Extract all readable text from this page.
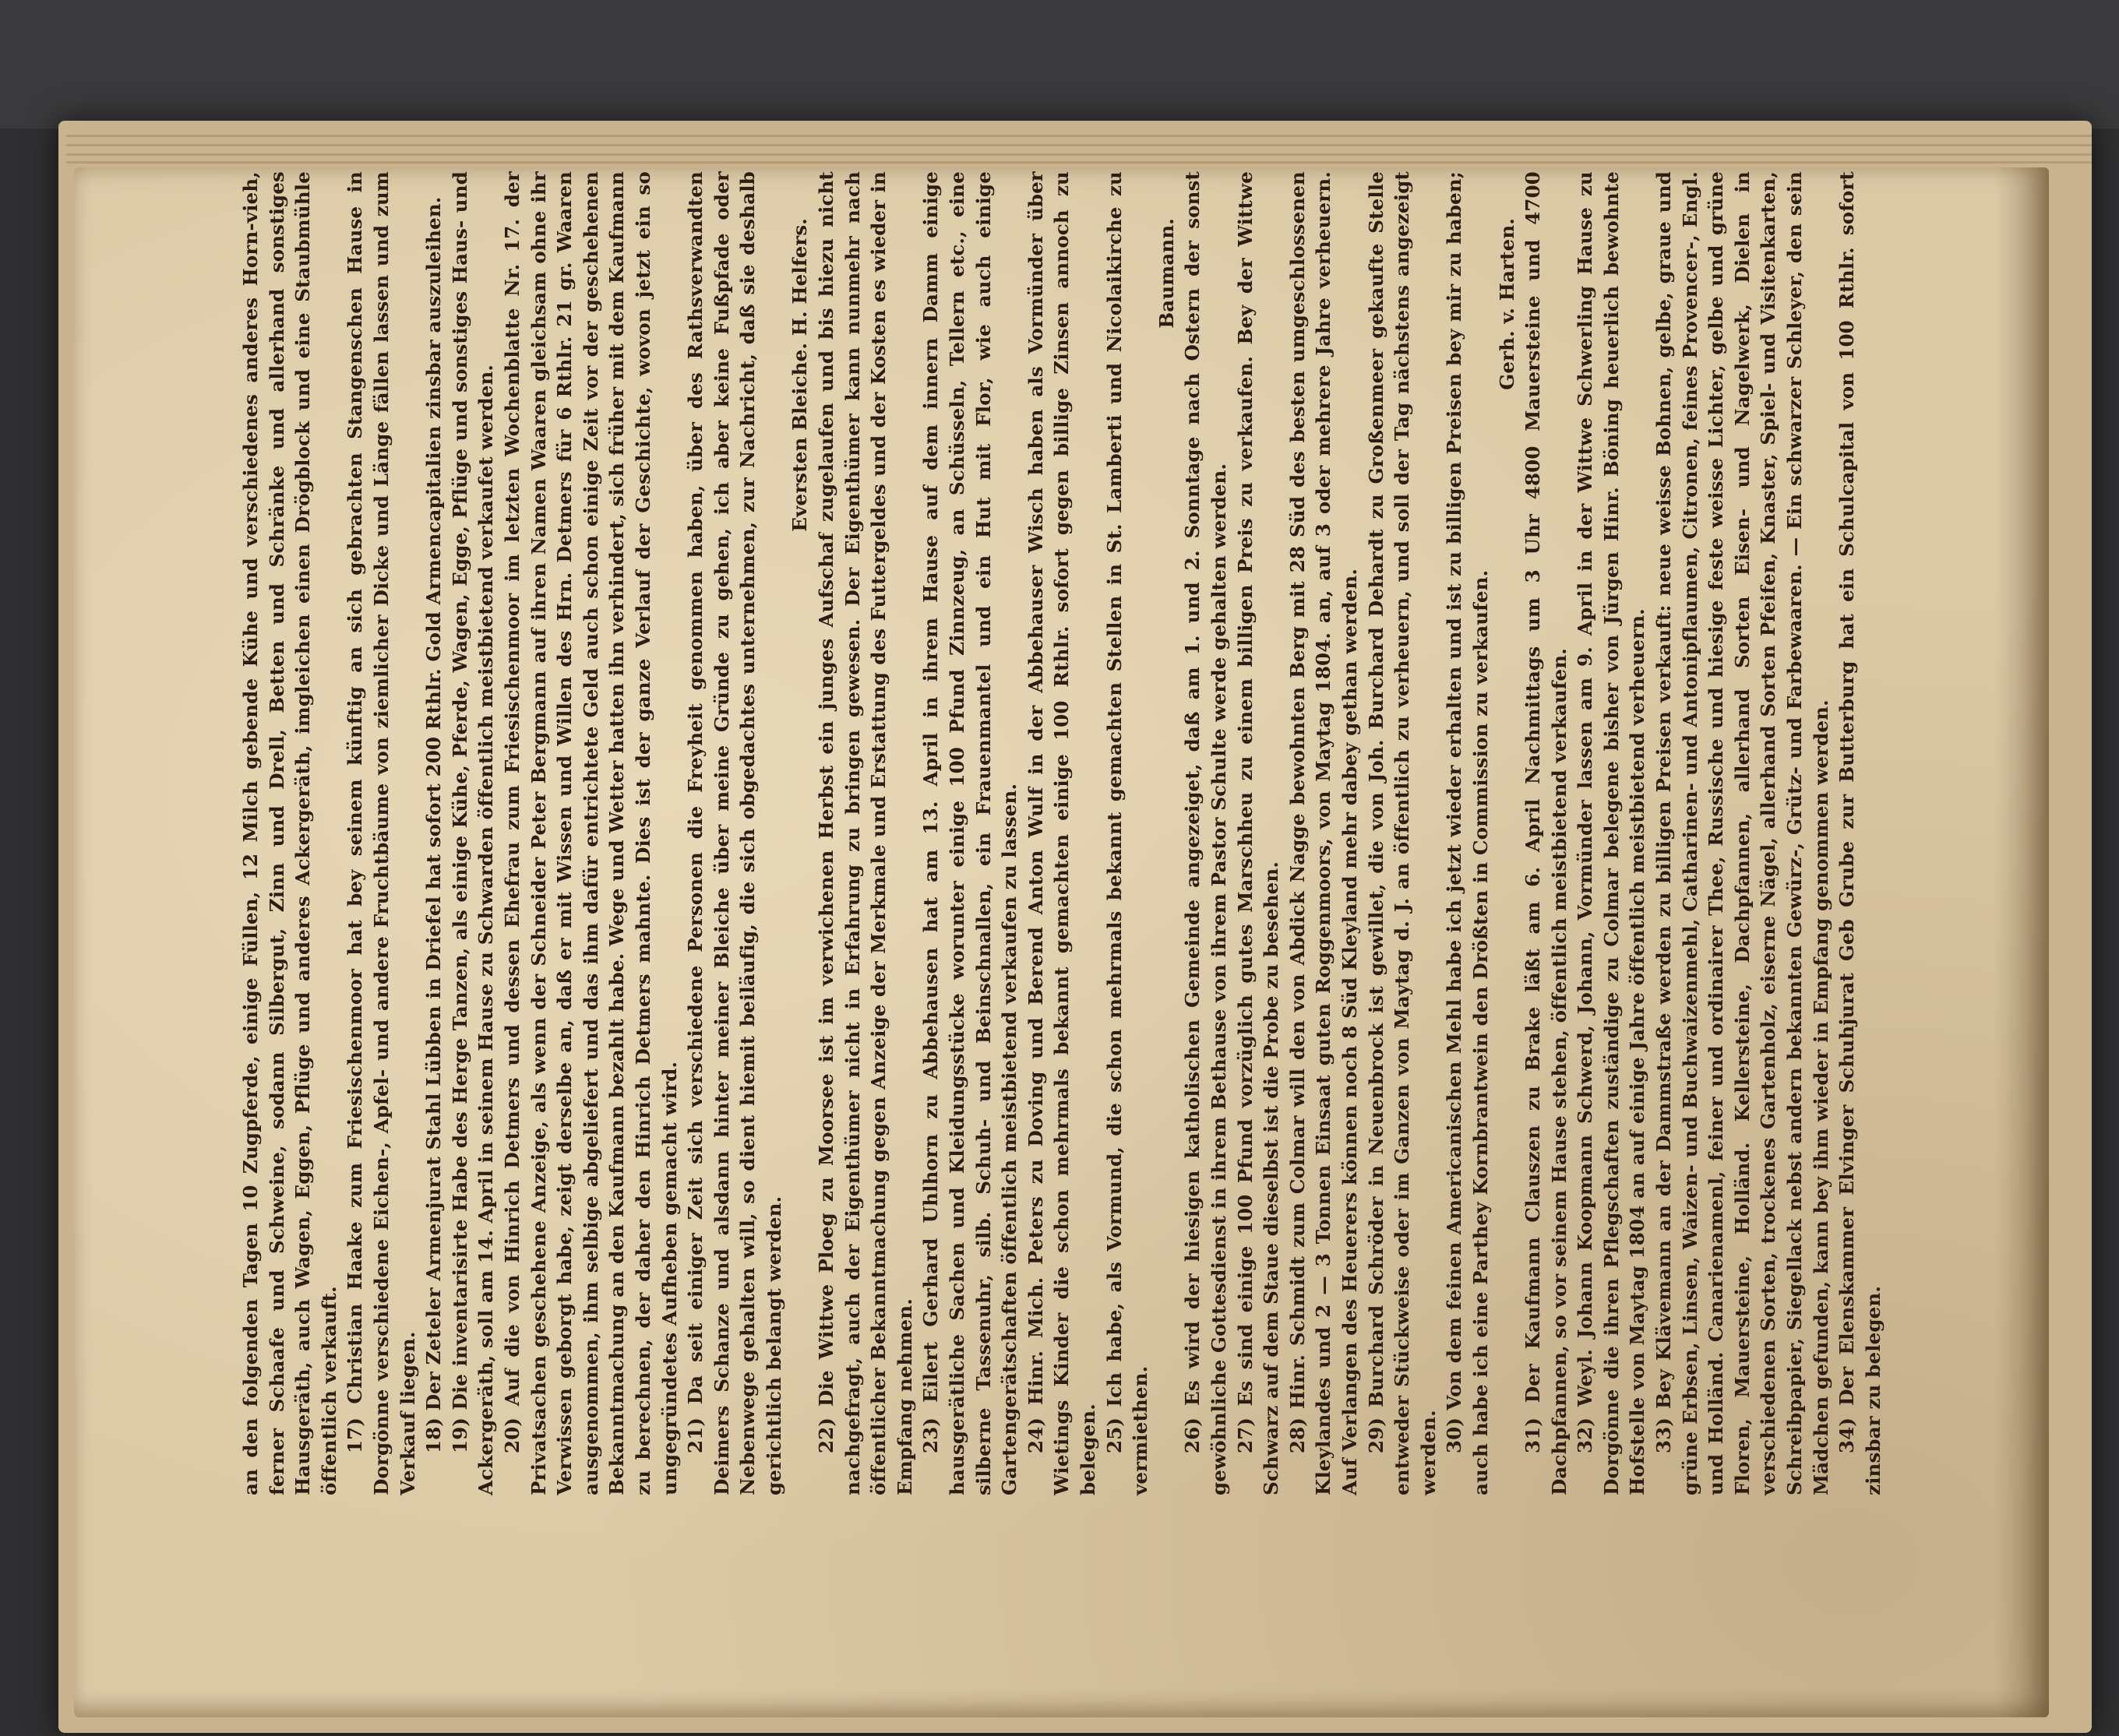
an den folgenden Tagen 10 Zugpferde, einige Füllen, 12 Milch gebende Kühe und verschiedenes anderes Horn-vieh, ferner Schaafe und Schweine, sodann Silbergut, Zinn und Drell, Betten und Schränke und allerhand sonstiges Hausgeräth, auch Wagen, Eggen, Pflüge und anderes Ackergeräth, imgleichen einen Drögblock und eine Staubmühle öffentlich verkauft. 17) Christian Haake zum Friesischenmoor hat bey seinem künftig an sich gebrachten Stangenschen Hause in Dorgönne verschiedene Eichen-, Apfel- und andere Fruchtbäume von ziemlicher Dicke und Länge fällen lassen und zum Verkauf liegen. 18) Der Zeteler Armenjurat Stahl Lübben in Driefel hat sofort 200 Rthlr. Gold Armencapitalien zinsbar auszuleihen. 19) Die inventarisirte Habe des Herge Tanzen, als einige Kühe, Pferde, Wagen, Egge, Pflüge und sonstiges Haus- und Ackergeräth, soll am 14. April in seinem Hause zu Schwarden öffentlich meistbietend verkaufet werden. 20) Auf die von Hinrich Detmers und dessen Ehefrau zum Friesischenmoor im letzten Wochenblatte Nr. 17. der Privatsachen geschehene Anzeige, als wenn der Schneider Peter Bergmann auf ihren Namen Waaren gleichsam ohne ihr Verwissen geborgt habe, zeigt derselbe an, daß er mit Wissen und Willen des Hrn. Detmers für 6 Rthlr. 21 gr. Waaren ausgenommen, ihm selbige abgeliefert und das ihm dafür entrichtete Geld auch schon einige Zeit vor der geschehenen Bekanntmachung an den Kaufmann bezahlt habe. Wege und Wetter hatten ihn verhindert, sich früher mit dem Kaufmann zu berechnen, der daher den Hinrich Detmers mahnte. Dies ist der ganze Verlauf der Geschichte, wovon jetzt ein so ungegründetes Aufheben gemacht wird. 21) Da seit einiger Zeit sich verschiedene Personen die Freyheit genommen haben, über des Rathsverwandten Deimers Schanze und alsdann hinter meiner Bleiche über meine Gründe zu gehen, ich aber keine Fußpfade oder Nebenwege gehalten will, so dient hiemit beiläufig, die sich obgedachtes unternehmen, zur Nachricht, daß sie deshalb gerichtlich belangt werden.

Eversten Bleiche. H. Helfers. 22) Die Wittwe Ploeg zu Moorsee ist im verwichenen Herbst ein junges Aufschaf zugelaufen und bis hiezu nicht nachgefragt, auch der Eigenthümer nicht in Erfahrung zu bringen gewesen. Der Eigenthümer kann nunmehr nach öffentlicher Bekanntmachung gegen Anzeige der Merkmale und Erstattung des Futtergeldes und der Kosten es wieder in Empfang nehmen. 23) Eilert Gerhard Uhlhorn zu Abbehausen hat am 13. April in ihrem Hause auf dem innern Damm einige hausgerätliche Sachen und Kleidungsstücke worunter einige 100 Pfund Zinnzeug, an Schüsseln, Tellern etc., eine silberne Tassenuhr, silb. Schuh- und Beinschnallen, ein Frauenmantel und ein Hut mit Flor, wie auch einige Gartengerätschaften öffentlich meistbietend verkaufen zu lassen. 24) Hinr. Mich. Peters zu Doving und Berend Anton Wulf in der Abbehauser Wisch haben als Vormünder über Wietings Kinder die schon mehrmals bekannt gemachten einige 100 Rthlr. sofort gegen billige Zinsen annoch zu belegen. 25) Ich habe, als Vormund, die schon mehrmals bekannt gemachten Stellen in St. Lamberti und Nicolaikirche zu vermiethen.

Baumann. 26) Es wird der hiesigen katholischen Gemeinde angezeiget, daß am 1. und 2. Sonntage nach Ostern der sonst gewöhnliche Gottesdienst in ihrem Bethause von ihrem Pastor Schulte werde gehalten werden. 27) Es sind einige 100 Pfund vorzüglich gutes Marschheu zu einem billigen Preis zu verkaufen. Bey der Wittwe Schwarz auf dem Staue dieselbst ist die Probe zu besehen. 28) Hinr. Schmidt zum Colmar will den von Abdick Nagge bewohnten Berg mit 28 Süd des besten umgeschlossenen Kleylandes und 2 — 3 Tonnen Einsaat guten Roggenmoors, von Maytag 1804. an, auf 3 oder mehrere Jahre verheuern. Auf Verlangen des Heuerers können noch 8 Süd Kleyland mehr dabey gethan werden. 29) Burchard Schröder in Neuenbrock ist gewillet, die von Joh. Burchard Dehardt zu Großenmeer gekaufte Stelle entweder Stückweise oder im Ganzen von Maytag d. J. an öffentlich zu verheuern, und soll der Tag nächstens angezeigt werden. 30) Von dem feinen Americanischen Mehl habe ich jetzt wieder erhalten und ist zu billigen Preisen bey mir zu haben; auch habe ich eine Parthey Kornbrantwein den Drößten in Commission zu verkaufen.

Gerh. v. Harten. 31) Der Kaufmann Clauszen zu Brake läßt am 6. April Nachmittags um 3 Uhr 4800 Mauersteine und 4700 Dachpfannen, so vor seinem Hause stehen, öffentlich meistbietend verkaufen. 32) Weyl. Johann Koopmann Schwerd, Johann, Vormünder lassen am 9. April in der Wittwe Schwerling Hause zu Dorgönne die ihren Pflegschaften zuständige zu Colmar belegene bisher von Jürgen Hinr. Böning heuerlich bewohnte Hofstelle von Maytag 1804 an auf einige Jahre öffentlich meistbietend verheuern. 33) Bey Klävemann an der Dammstraße werden zu billigen Preisen verkauft: neue weisse Bohnen, gelbe, graue und grüne Erbsen, Linsen, Waizen- und Buchwaizenmehl, Catharinen- und Antonipflaumen, Citronen, feines Provencer-, Engl. und Holländ. Canarienamenl, feiner und ordinairer Thee, Russische und hiesige feste weisse Lichter, gelbe und grüne Floren, Mauersteine, Holländ. Kellersteine, Dachpfannen, allerhand Sorten Eisen- und Nagelwerk, Dielen in verschiedenen Sorten, trockenes Gartenholz, eiserne Nägel, allerhand Sorten Pfeifen, Knaster, Spiel- und Visitenkarten, Schreibpapier, Siegellack nebst andern bekannten Gewürz-, Grütz- und Farbewaaren. — Ein schwarzer Schleyer, den sein Mädchen gefunden, kann bey ihm wieder in Empfang genommen werden. 34) Der Elenskammer Elvinger Schuhjurat Geb Grube zur Butterburg hat ein Schulcapital von 100 Rthlr. sofort zinsbar zu belegen.
